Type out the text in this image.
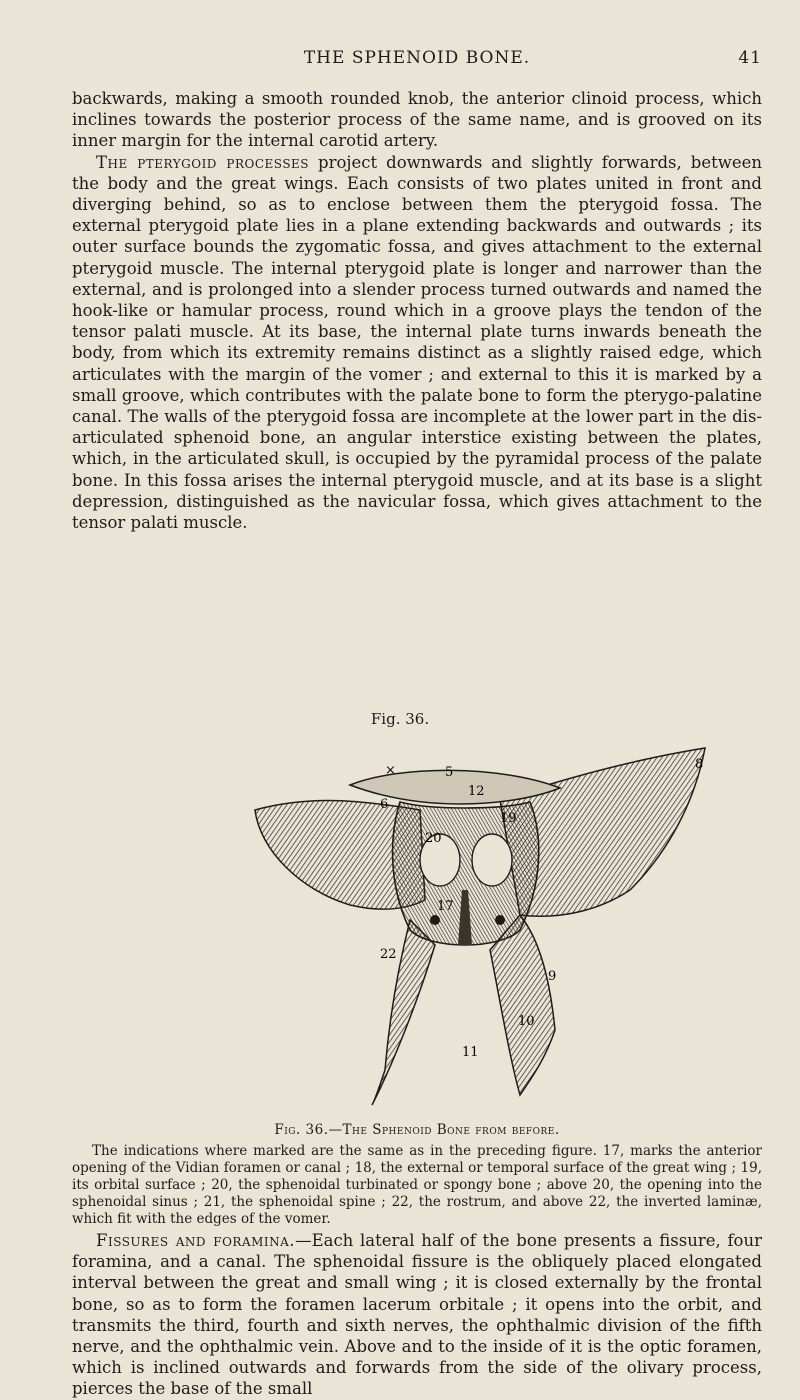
THE SPHENOID BONE.	41

backwards, making a smooth rounded knob, the anterior clinoid process, which inclines towards the posterior process of the same name, and is grooved on its inner margin for the internal carotid artery.

The pterygoid processes project downwards and slightly forwards, between the body and the great wings. Each consists of two plates united in front and diverging behind, so as to enclose between them the pterygoid fossa. The external pterygoid plate lies in a plane extending backwards and outwards ; its outer surface bounds the zygomatic fossa, and gives attachment to the external pterygoid muscle. The internal pterygoid plate is longer and narrower than the external, and is prolonged into a slender process turned outwards and named the hook-like or hamular process, round which in a groove plays the tendon of the tensor palati muscle. At its base, the internal plate turns inwards beneath the body, from which its extremity remains distinct as a slightly raised edge, which articulates with the margin of the vomer ; and external to this it is marked by a small groove, which contributes with the palate bone to form the pterygo-palatine canal. The walls of the pterygoid fossa are incomplete at the lower part in the dis-articulated sphenoid bone, an angular interstice existing between the plates, which, in the articulated skull, is occupied by the pyramidal process of the palate bone. In this fossa arises the internal pterygoid muscle, and at its base is a slight depression, distinguished as the navicular fossa, which gives attachment to the tensor palati muscle.

Fig. 36.
8
5
12
6
20
19
17
22
9
10
11
×
Fig. 36.—The Sphenoid Bone from before.
The indications where marked are the same as in the preceding figure. 17, marks the anterior opening of the Vidian foramen or canal ; 18, the external or temporal surface of the great wing ; 19, its orbital surface ; 20, the sphenoidal turbinated or spongy bone ; above 20, the opening into the sphenoidal sinus ; 21, the sphenoidal spine ; 22, the rostrum, and above 22, the inverted laminæ, which fit with the edges of the vomer.

Fissures and foramina.—Each lateral half of the bone presents a fissure, four foramina, and a canal. The sphenoidal fissure is the obliquely placed elongated interval between the great and small wing ; it is closed externally by the frontal bone, so as to form the foramen lacerum orbitale ; it opens into the orbit, and transmits the third, fourth and sixth nerves, the ophthalmic division of the fifth nerve, and the ophthalmic vein. Above and to the inside of it is the optic foramen, which is inclined outwards and forwards from the side of the olivary process, pierces the base of the small
